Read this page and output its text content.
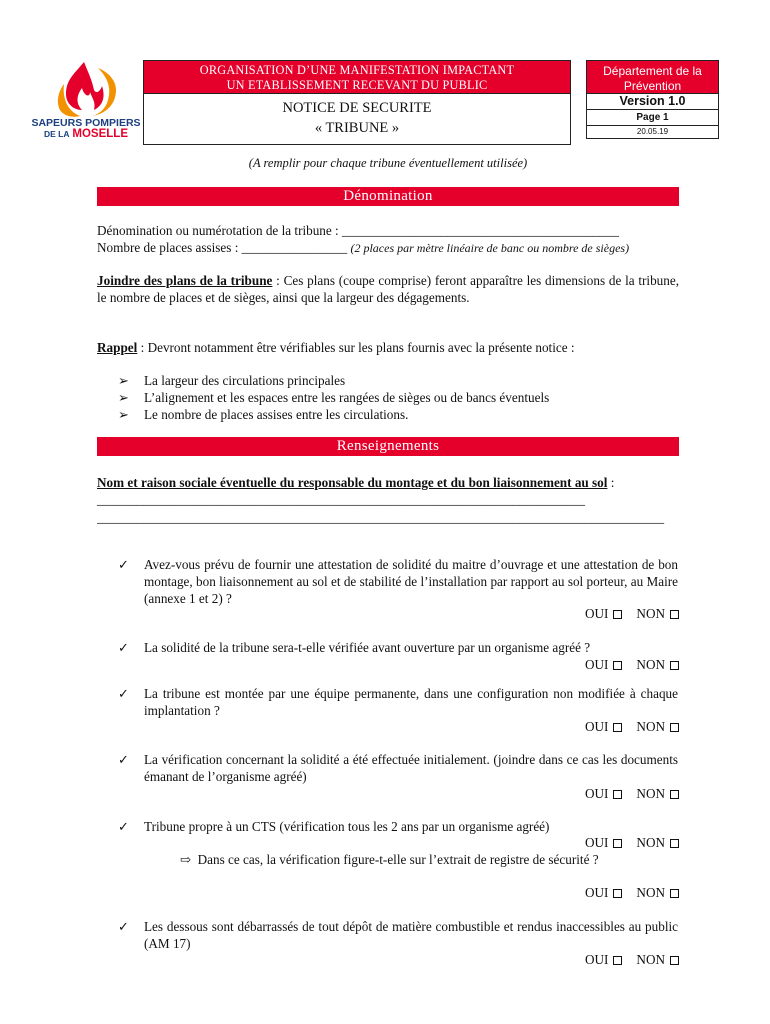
SAPEURS POMPIERS
DE LA MOSELLE
ORGANISATION D’UNE MANIFESTATION IMPACTANT
UN ETABLISSEMENT RECEVANT DU PUBLIC
NOTICE DE SECURITE
« TRIBUNE »
Département de la
Prévention
Version 1.0
Page 1
20.05.19
(A remplir pour chaque tribune éventuellement utilisée)
Dénomination
Dénomination ou numérotation de la tribune : __________________________________________
Nombre de places assises : ________________ (2 places par mètre linéaire de banc ou nombre de sièges)
Joindre des plans de la tribune : Ces plans (coupe comprise) feront apparaître les dimensions de la tribune, le nombre de places et de sièges, ainsi que la largeur des dégagements.
Rappel : Devront notamment être vérifiables sur les plans fournis avec la présente notice :
➢ La largeur des circulations principales
➢ L’alignement et les espaces entre les rangées de sièges ou de bancs éventuels
➢ Le nombre de places assises entre les circulations.
Renseignements
Nom et raison sociale éventuelle du responsable du montage et du bon liaisonnement au sol : __________________________________________________________________________
______________________________________________________________________________________
✓ Avez-vous prévu de fournir une attestation de solidité du maitre d’ouvrage et une attestation de bon montage, bon liaisonnement au sol et de stabilité de l’installation par rapport au sol porteur, au Maire (annexe 1 et 2) ?
OUI NON
✓ La solidité de la tribune sera-t-elle vérifiée avant ouverture par un organisme agréé ?
OUI NON
✓ La tribune est montée par une équipe permanente, dans une configuration non modifiée à chaque implantation ?
OUI NON
✓ La vérification concernant la solidité a été effectuée initialement. (joindre dans ce cas les documents émanant de l’organisme agréé)
OUI NON
✓ Tribune propre à un CTS (vérification tous les 2 ans par un organisme agréé)
OUI NON
⇨ Dans ce cas, la vérification figure-t-elle sur l’extrait de registre de sécurité ?
OUI NON
✓ Les dessous sont débarrassés de tout dépôt de matière combustible et rendus inaccessibles au public (AM 17)
OUI NON
